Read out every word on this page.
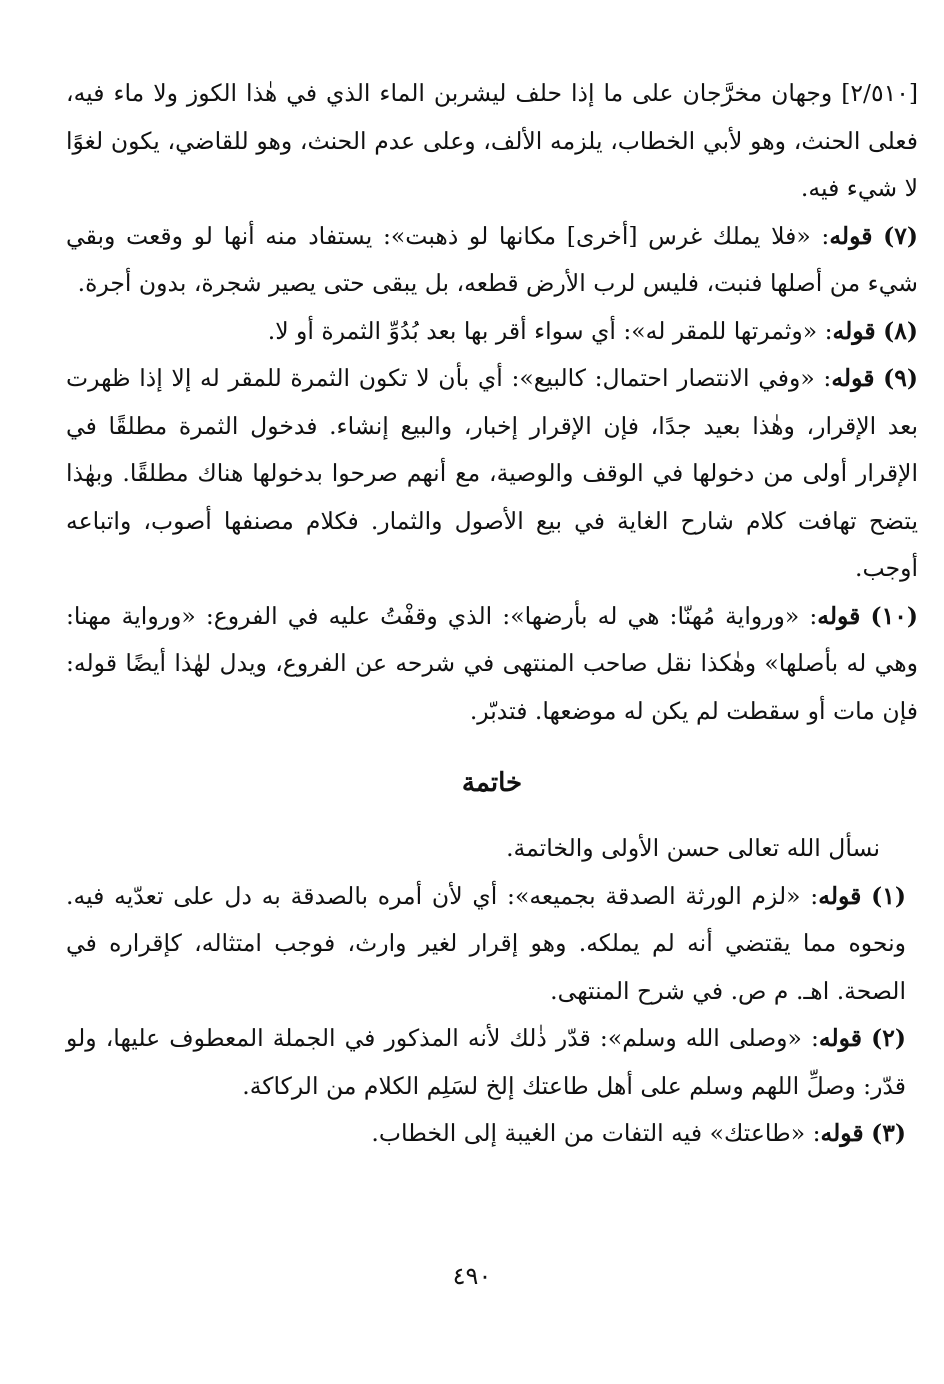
[٢/٥١٠] وجهان مخرَّجان على ما إذا حلف ليشربن الماء الذي في هٰذا الكوز ولا ماء فيه، فعلى الحنث، وهو لأبي الخطاب، يلزمه الألف، وعلى عدم الحنث، وهو للقاضي، يكون لغوًا لا شيء فيه.

(٧) قوله: «فلا يملك غرس [أخرى] مكانها لو ذهبت»: يستفاد منه أنها لو وقعت وبقي شيء من أصلها فنبت، فليس لرب الأرض قطعه، بل يبقى حتى يصير شجرة، بدون أجرة.

(٨) قوله: «وثمرتها للمقر له»: أي سواء أقر بها بعد بُدُوِّ الثمرة أو لا.

(٩) قوله: «وفي الانتصار احتمال: كالبيع»: أي بأن لا تكون الثمرة للمقر له إلا إذا ظهرت بعد الإقرار، وهٰذا بعيد جدًا، فإن الإقرار إخبار، والبيع إنشاء. فدخول الثمرة مطلقًا في الإقرار أولى من دخولها في الوقف والوصية، مع أنهم صرحوا بدخولها هناك مطلقًا. وبهٰذا يتضح تهافت كلام شارح الغاية في بيع الأصول والثمار. فكلام مصنفها أصوب، واتباعه أوجب.

(١٠) قوله: «ورواية مُهنّا: هي له بأرضها»: الذي وقفْتُ عليه في الفروع: «ورواية مهنا: وهي له بأصلها» وهٰكذا نقل صاحب المنتهى في شرحه عن الفروع، ويدل لهٰذا أيضًا قوله: فإن مات أو سقطت لم يكن له موضعها. فتدبّر.

خاتمة

نسأل الله تعالى حسن الأولى والخاتمة.

(١) قوله: «لزم الورثة الصدقة بجميعه»: أي لأن أمره بالصدقة به دل على تعدّيه فيه. ونحوه مما يقتضي أنه لم يملكه. وهو إقرار لغير وارث، فوجب امتثاله، كإقراره في الصحة. اهـ. م ص. في شرح المنتهى.

(٢) قوله: «وصلى الله وسلم»: قدّر ذٰلك لأنه المذكور في الجملة المعطوف عليها، ولو قدّر: وصلِّ اللهم وسلم على أهل طاعتك إلخ لسَلِم الكلام من الركاكة.

(٣) قوله: «طاعتك» فيه التفات من الغيبة إلى الخطاب.

٤٩٠
